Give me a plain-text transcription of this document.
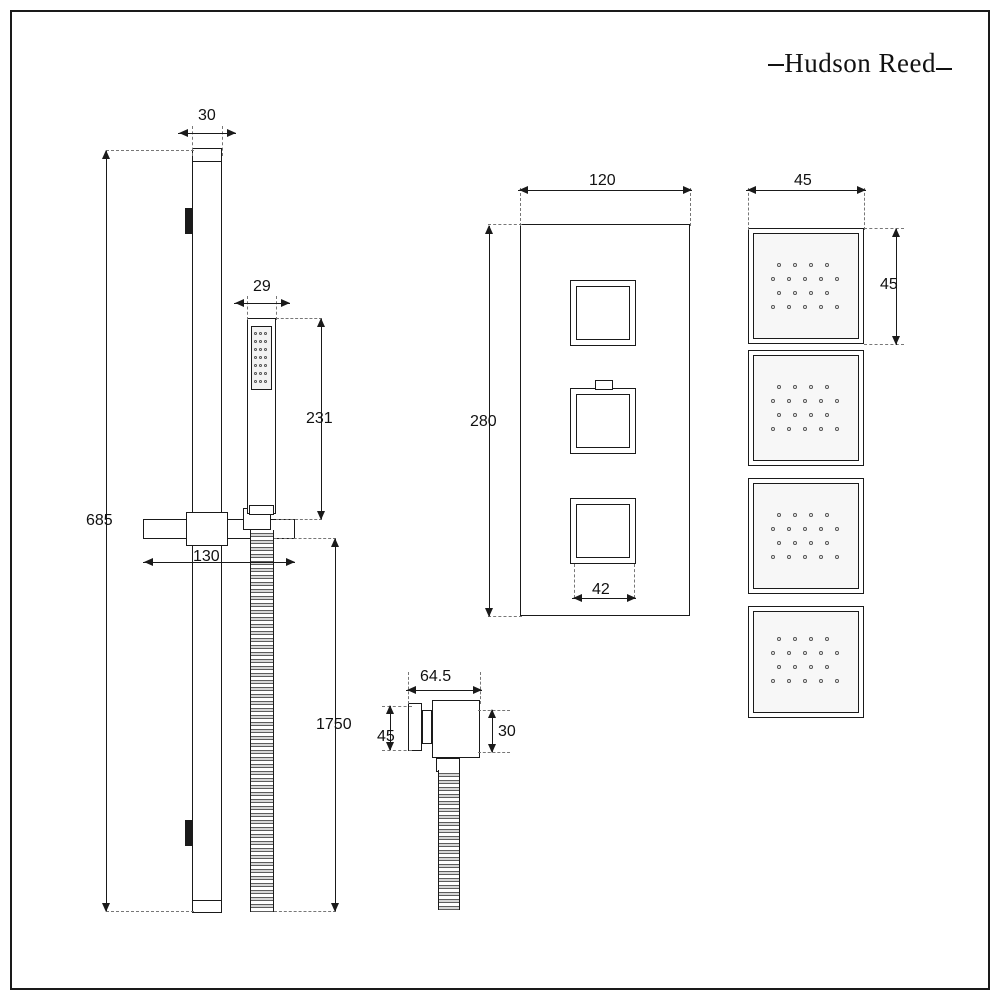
Hudson Reed
30
685
29
231
130
1750
120
280
42
45
45
64.5
45	30
